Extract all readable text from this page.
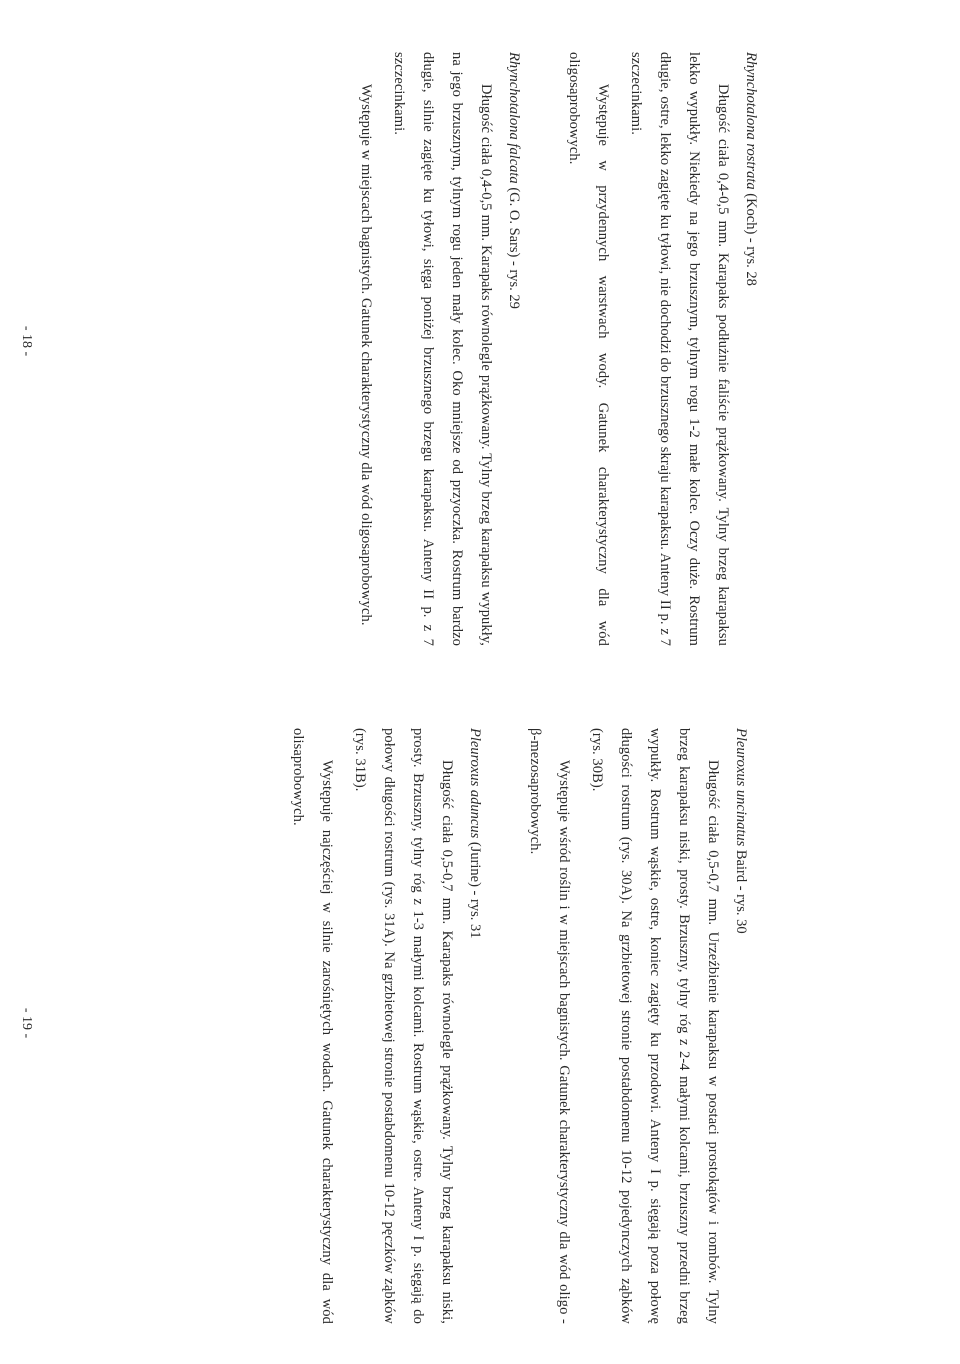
Rhynchotalona rostrata (Koch) - rys. 28

Długość ciała 0,4-0,5 mm. Karapaks podłużnie faliście prążkowany. Tylny brzeg karapaksu lekko wypukły. Niekiedy na jego brzusznym, tylnym rogu 1-2 małe kolce. Oczy duże. Rostrum długie, ostre, lekko zagięte ku tyłowi, nie dochodzi do brzusznego skraju karapaksu. Anteny II p. z 7 szczecinkami.

Występuje w przydennych warstwach wody. Gatunek charakterystyczny dla wód oligosaprobowych.

Rhynchotalona falcata (G. O. Sars) - rys. 29

Długość ciała 0,4-0,5 mm. Karapaks równolegle prążkowany. Tylny brzeg karapaksu wypukły, na jego brzusznym, tylnym rogu jeden mały kolec. Oko mniejsze od przyoczka. Rostrum bardzo długie, silnie zagięte ku tyłowi, sięga poniżej brzusznego brzegu karapaksu. Anteny II p. z 7 szczecinkami.

Występuje w miejscach bagnistych. Gatunek charakterystyczny dla wód oligosaprobowych.

- 18 -
Pleuroxus uncinatus Baird - rys. 30

Długość ciała 0,5-0,7 mm. Urzeźbienie karapaksu w postaci prostokątów i rombów. Tylny brzeg karapaksu niski, prosty. Brzuszny, tylny róg z 2-4 małymi kolcami, brzuszny przedni brzeg wypukły. Rostrum wąskie, ostre, koniec zagięty ku przodowi. Anteny I p. sięgają poza połowę długości rostrum (rys. 30A). Na grzbietowej stronie postabdomenu 10-12 pojedynczych ząbków (rys. 30B).

Występuje wśród roślin i w miejscach bagnistych. Gatunek charakterystyczny dla wód oligo - β-mezosaprobowych.

Pleuroxus aduncus (Jurine) - rys. 31

Długość ciała 0,5-0,7 mm. Karapaks równolegle prążkowany. Tylny brzeg karapaksu niski, prosty. Brzuszny, tylny róg z 1-3 małymi kolcami. Rostrum wąskie, ostre. Anteny I p. sięgają do połowy długości rostrum (rys. 31A). Na grzbietowej stronie postabdomenu 10-12 pęczków ząbków (rys. 31B).

Występuje najczęściej w silnie zarośniętych wodach. Gatunek charakterystyczny dla wód olisaprobowych.

- 19 -
